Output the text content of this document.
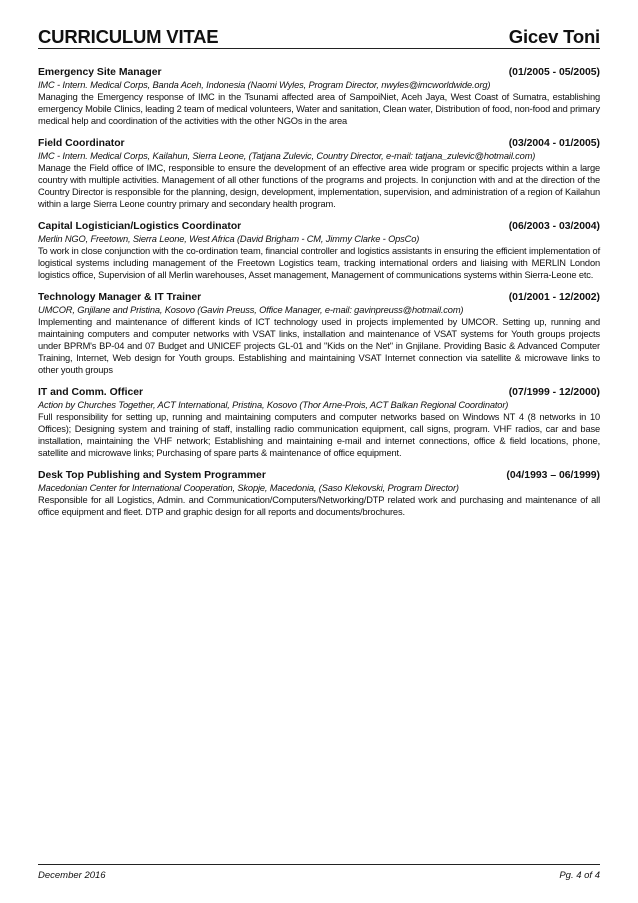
CURRICULUM VITAE	Gicev Toni
Emergency Site Manager	(01/2005 - 05/2005)
IMC - Intern. Medical Corps, Banda Aceh, Indonesia (Naomi Wyles, Program Director, nwyles@imcworldwide.org)
Managing the Emergency response of IMC in the Tsunami affected area of SampoiNiet, Aceh Jaya, West Coast of Sumatra, establishing emergency Mobile Clinics, leading 2 team of medical volunteers, Water and sanitation, Clean water, Distribution of food, non-food and primary medical help and coordination of the activities with the other NGOs in the area
Field Coordinator	(03/2004 - 01/2005)
IMC - Intern. Medical Corps, Kailahun, Sierra Leone, (Tatjana Zulevic, Country Director, e-mail: tatjana_zulevic@hotmail.com)
Manage the Field office of IMC, responsible to ensure the development of an effective area wide program or specific projects within a large country with multiple activities. Management of all other functions of the programs and projects. In conjunction with and at the direction of the Country Director is responsible for the planning, design, development, implementation, supervision, and administration of a region of Kailahun within a large Sierra Leone country primary and secondary health program.
Capital Logistician/Logistics Coordinator	(06/2003 - 03/2004)
Merlin NGO, Freetown, Sierra Leone, West Africa (David Brigham - CM, Jimmy Clarke - OpsCo)
To work in close conjunction with the co-ordination team, financial controller and logistics assistants in ensuring the efficient implementation of logistical systems including management of the Freetown Logistics team, tracking international orders and liaising with MERLIN London logistics office, Supervision of all Merlin warehouses, Asset management, Management of communications systems within Sierra-Leone etc.
Technology Manager & IT Trainer	(01/2001 - 12/2002)
UMCOR, Gnjilane and Pristina, Kosovo (Gavin Preuss, Office Manager, e-mail: gavinpreuss@hotmail.com)
Implementing and maintenance of different kinds of ICT technology used in projects implemented by UMCOR. Setting up, running and maintaining computers and computer networks with VSAT links, installation and maintenance of VSAT systems for Youth groups projects under BPRM's BP-04 and 07 Budget and UNICEF projects GL-01 and "Kids on the Net" in Gnjilane. Providing Basic & Advanced Computer Training, Internet, Web design for Youth groups. Establishing and maintaining VSAT Internet connection via satellite & microwave links to other youth groups
IT and Comm. Officer	(07/1999 - 12/2000)
Action by Churches Together, ACT International, Pristina, Kosovo (Thor Arne-Prois, ACT Balkan Regional Coordinator)
Full responsibility for setting up, running and maintaining computers and computer networks based on Windows NT 4 (8 networks in 10 Offices); Designing system and training of staff, installing radio communication equipment, call signs, program. VHF radios, car and base installation, maintaining the VHF network; Establishing and maintaining e-mail and internet connections, office & field locations, phone, satellite and microwave links; Purchasing of spare parts & maintenance of office equipment.
Desk Top Publishing and System Programmer	(04/1993 – 06/1999)
Macedonian Center for International Cooperation, Skopje, Macedonia, (Saso Klekovski, Program Director)
Responsible for all Logistics, Admin. and Communication/Computers/Networking/DTP related work and purchasing and maintenance of all office equipment and fleet. DTP and graphic design for all reports and documents/brochures.
December 2016	Pg. 4 of 4
